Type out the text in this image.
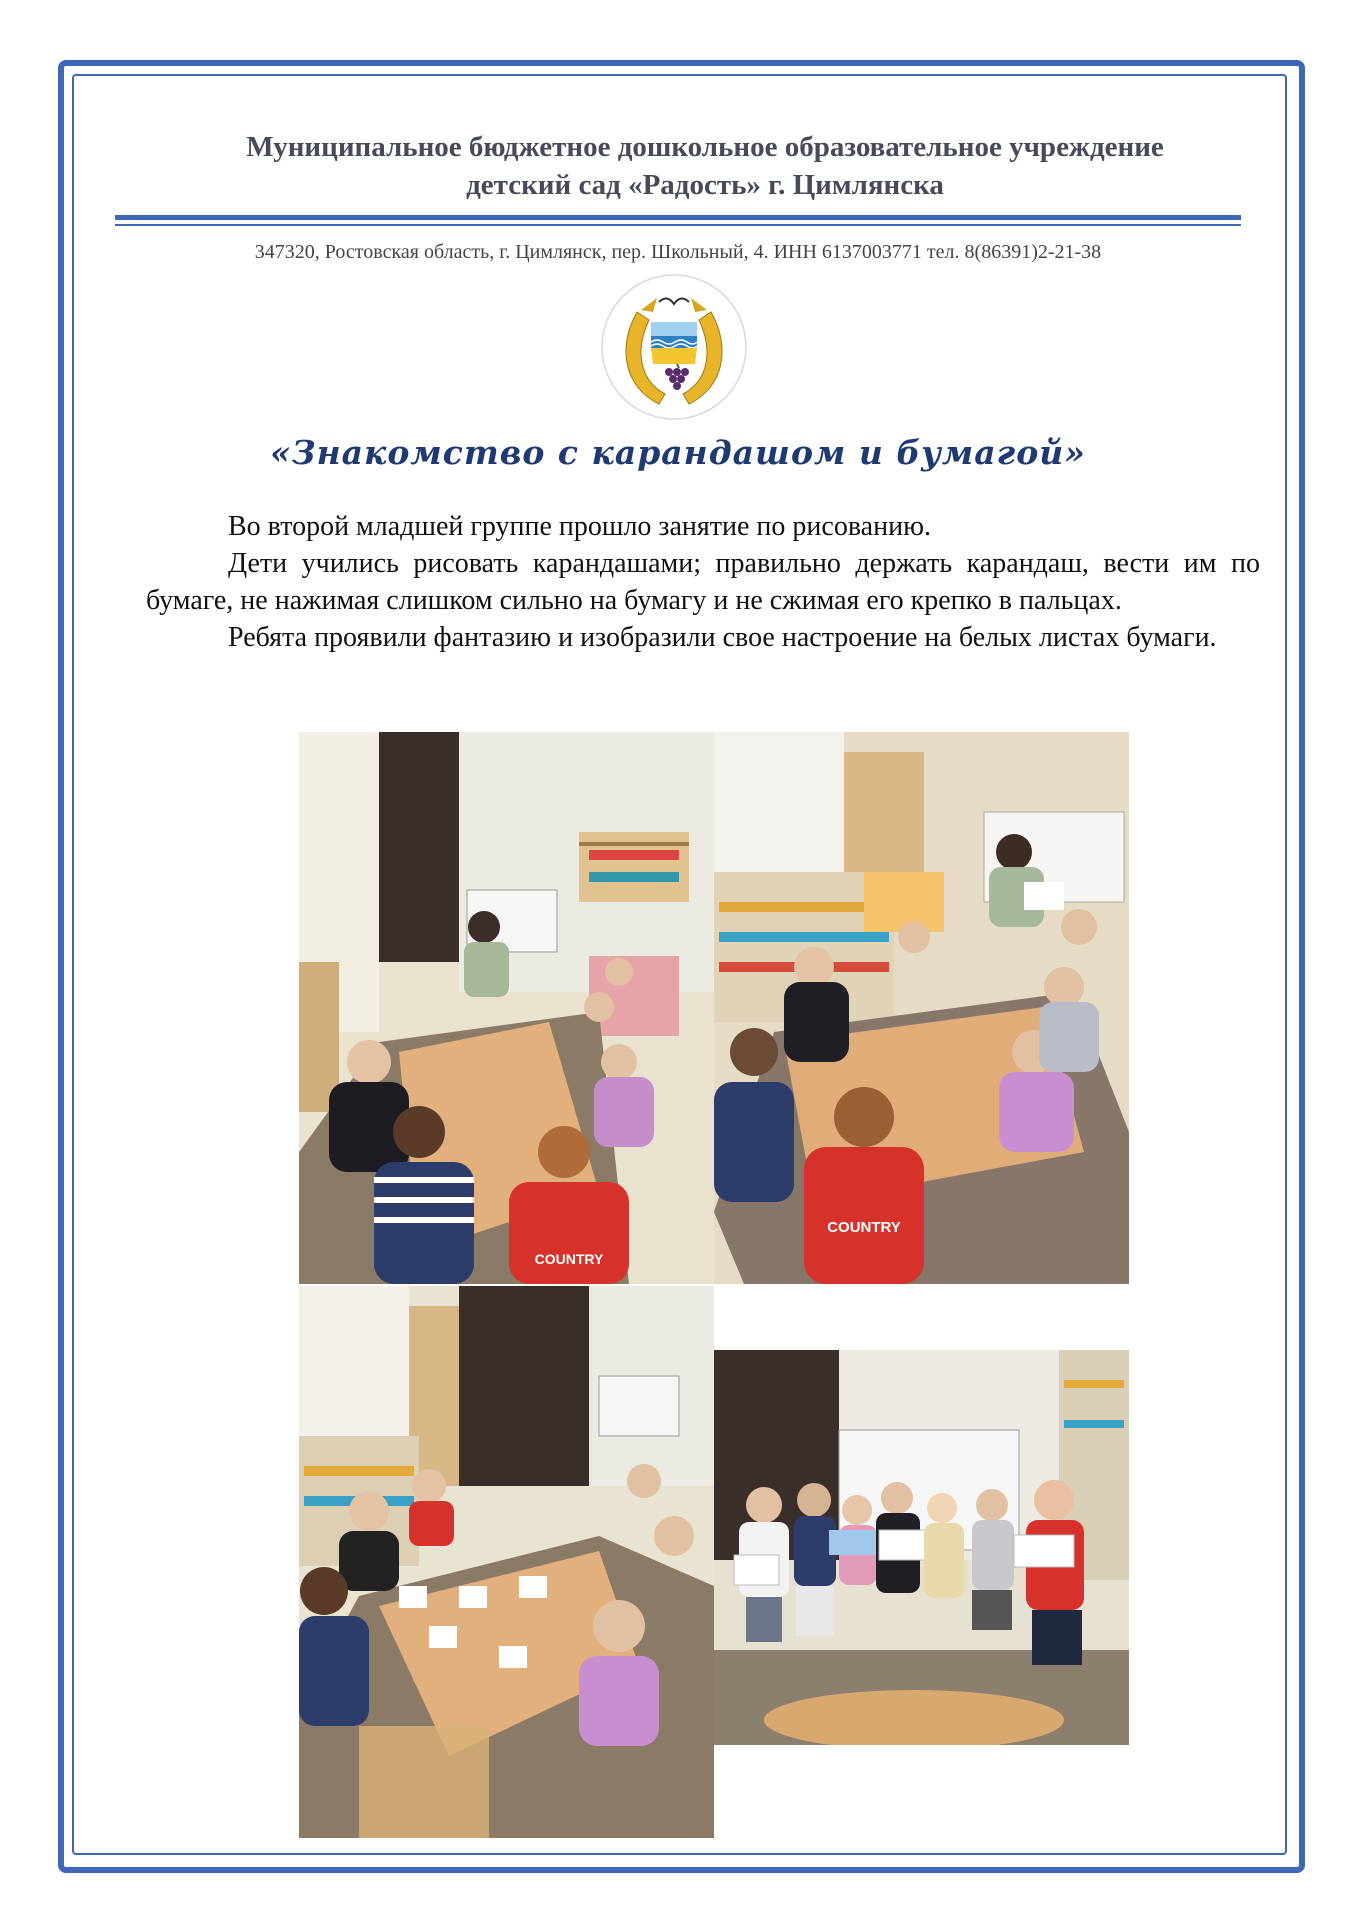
Муниципальное бюджетное дошкольное образовательное учреждение
детский сад «Радость» г. Цимлянска
347320, Ростовская область, г. Цимлянск, пер. Школьный, 4. ИНН 6137003771 тел. 8(86391)2-21-38
«Знакомство с карандашом и бумагой»

Во второй младшей группе прошло занятие по рисованию.

Дети учились рисовать карандашами; правильно держать карандаш, вести им по бумаге, не нажимая слишком сильно на бумагу и не сжимая его крепко в пальцах.

Ребята проявили фантазию и изобразили свое настроение на белых листах бумаги.

COUNTRY
COUNTRY
